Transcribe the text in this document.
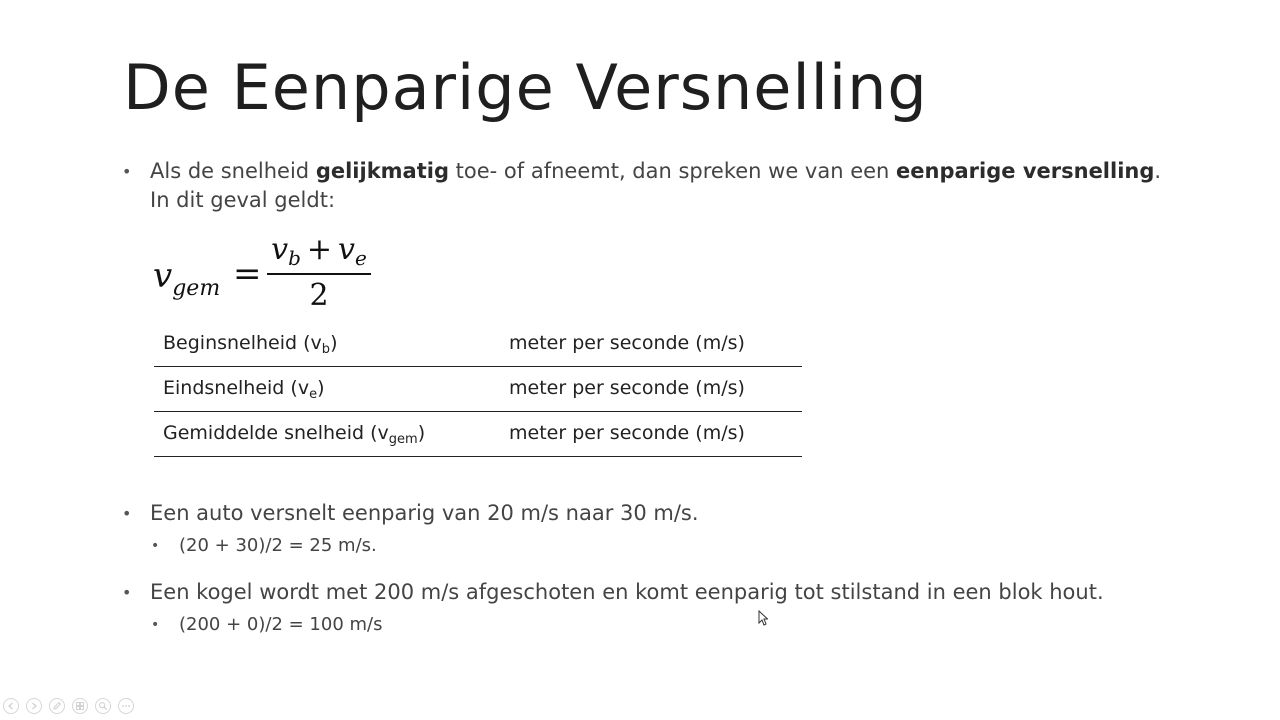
De Eenparige Versnelling
• Als de snelheid gelijkmatig toe- of afneemt, dan spreken we van een eenparige versnelling.
In dit geval geldt:
$v_{gem}$ =
$v_b + v_e$
2
Beginsnelheid $(v_b)$	meter per seconde (m/s)
Eindsnelheid $(v_e)$	meter per seconde (m/s)
Gemiddelde snelheid $(v_{gem})$	meter per seconde (m/s)
• Een auto versnelt eenparig van 20 m/s naar 30 m/s.
• (20 + 30)/2 = 25 m/s.
• Een kogel wordt met 200 m/s afgeschoten en komt eenparig tot stilstand in een blok hout.
• (200 + 0)/2 = 100 m/s
